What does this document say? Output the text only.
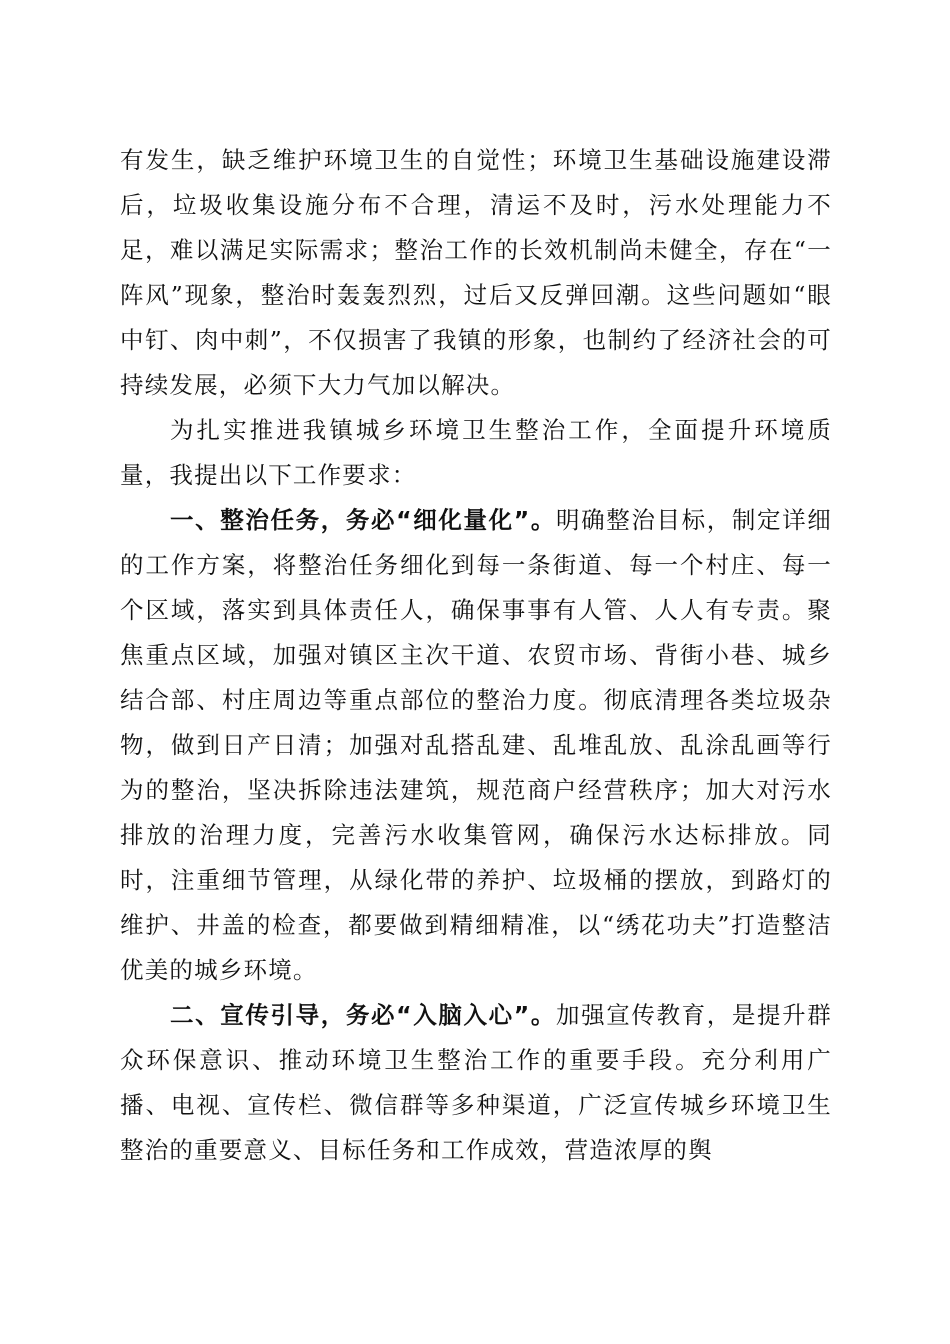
有发生，缺乏维护环境卫生的自觉性；环境卫生基础设施建设滞后，垃圾收集设施分布不合理，清运不及时，污水处理能力不足，难以满足实际需求；整治工作的长效机制尚未健全，存在“一阵风”现象，整治时轰轰烈烈，过后又反弹回潮。这些问题如“眼中钉、肉中刺”，不仅损害了我镇的形象，也制约了经济社会的可持续发展，必须下大力气加以解决。

为扎实推进我镇城乡环境卫生整治工作，全面提升环境质量，我提出以下工作要求：

一、整治任务，务必“细化量化”。明确整治目标，制定详细的工作方案，将整治任务细化到每一条街道、每一个村庄、每一个区域，落实到具体责任人，确保事事有人管、人人有专责。聚焦重点区域，加强对镇区主次干道、农贸市场、背街小巷、城乡结合部、村庄周边等重点部位的整治力度。彻底清理各类垃圾杂物，做到日产日清；加强对乱搭乱建、乱堆乱放、乱涂乱画等行为的整治，坚决拆除违法建筑，规范商户经营秩序；加大对污水排放的治理力度，完善污水收集管网，确保污水达标排放。同时，注重细节管理，从绿化带的养护、垃圾桶的摆放，到路灯的维护、井盖的检查，都要做到精细精准，以“绣花功夫”打造整洁优美的城乡环境。

二、宣传引导，务必“入脑入心”。加强宣传教育，是提升群众环保意识、推动环境卫生整治工作的重要手段。充分利用广播、电视、宣传栏、微信群等多种渠道，广泛宣传城乡环境卫生整治的重要意义、目标任务和工作成效，营造浓厚的舆
